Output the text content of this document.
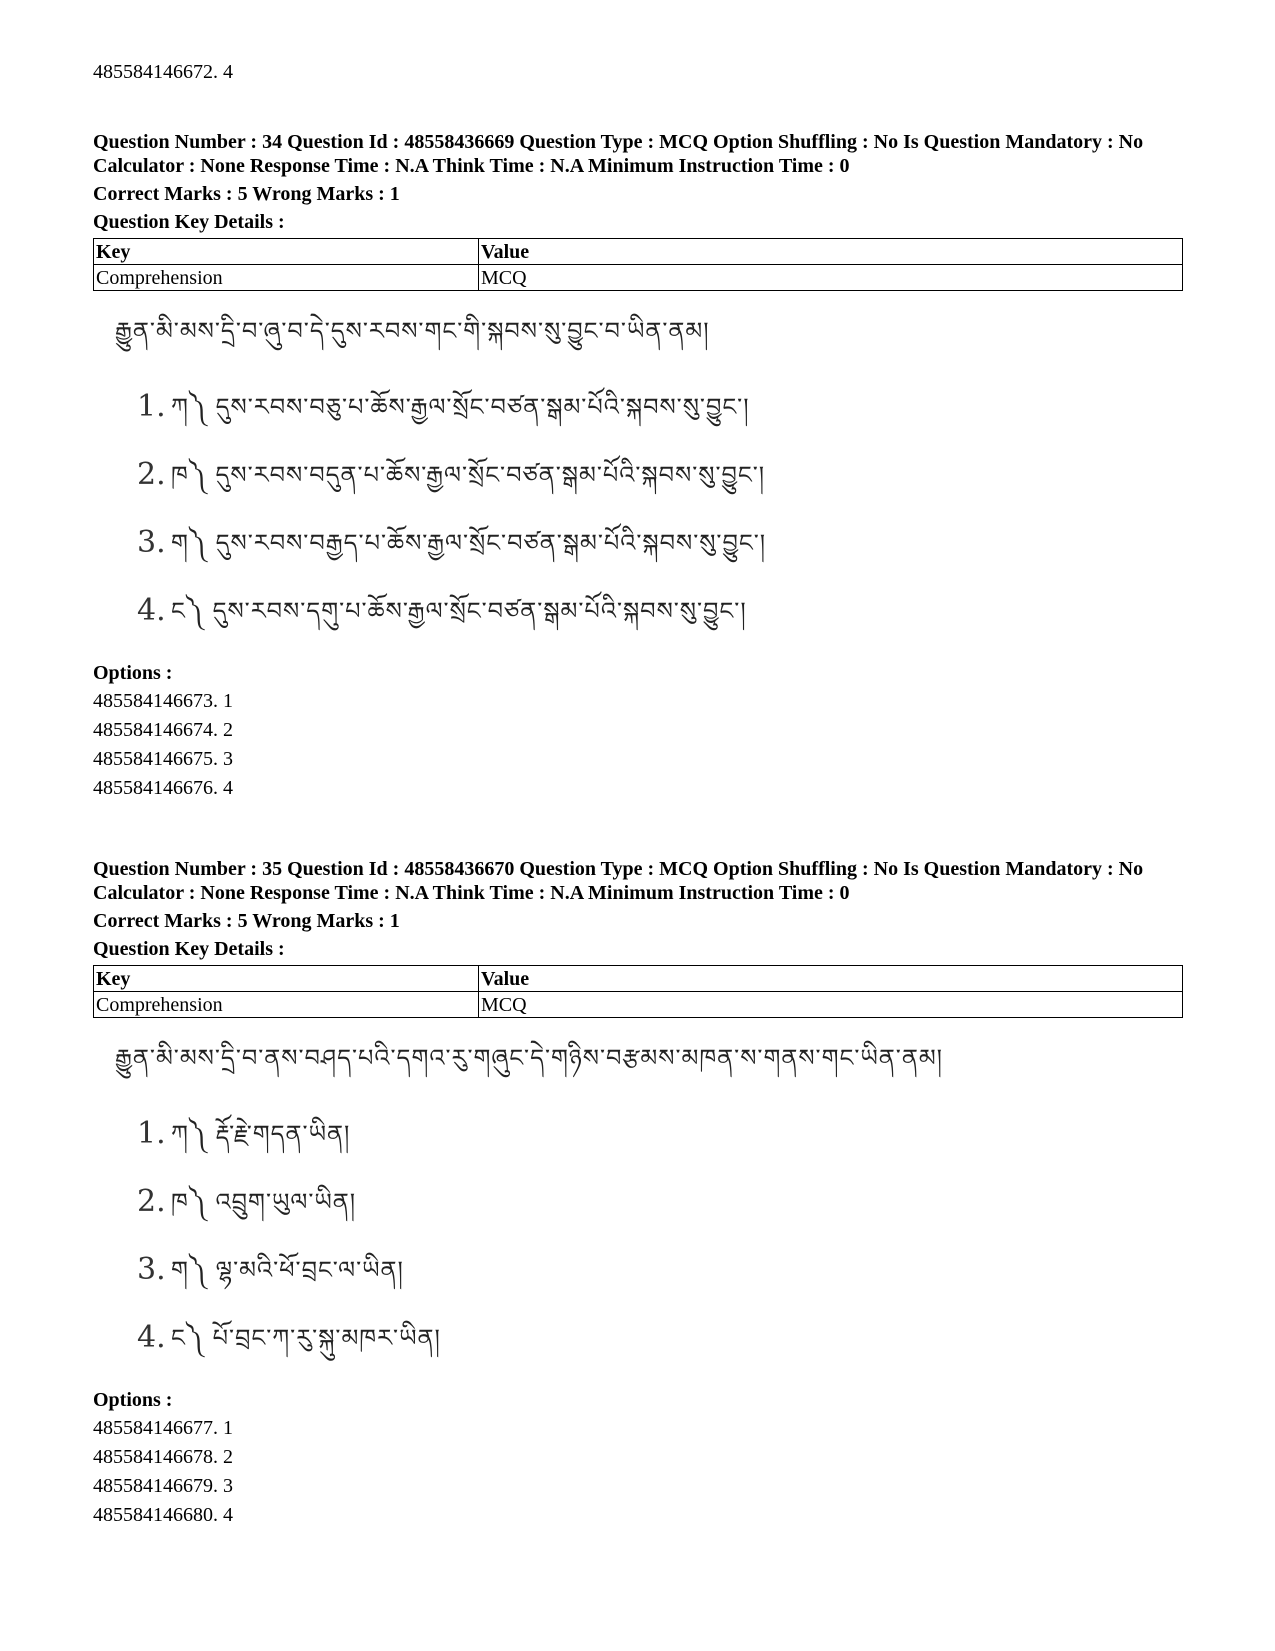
485584146672. 4

Question Number : 34 Question Id : 48558436669 Question Type : MCQ Option Shuffling : No Is Question Mandatory : No Calculator : None Response Time : N.A Think Time : N.A Minimum Instruction Time : 0

Correct Marks : 5 Wrong Marks : 1

Question Key Details :

Key	Value
Comprehension	MCQ

རྒྱུན་མི་མས་དྲི་བ་ཞུ་བ་དེ་དུས་རབས་གང་གི་སྐབས་སུ་བྱུང་བ་ཡིན་ནམ།

1. ཀ༽ དུས་རབས་བཅུ་པ་ཆོས་རྒྱལ་སྲོང་བཙན་སྒམ་པོའི་སྐབས་སུ་བྱུང་།
2. ཁ༽ དུས་རབས་བདུན་པ་ཆོས་རྒྱལ་སྲོང་བཙན་སྒམ་པོའི་སྐབས་སུ་བྱུང་།
3. ག༽ དུས་རབས་བརྒྱད་པ་ཆོས་རྒྱལ་སྲོང་བཙན་སྒམ་པོའི་སྐབས་སུ་བྱུང་།
4. ང༽ དུས་རབས་དགུ་པ་ཆོས་རྒྱལ་སྲོང་བཙན་སྒམ་པོའི་སྐབས་སུ་བྱུང་།

Options :

485584146673. 1

485584146674. 2

485584146675. 3

485584146676. 4

Question Number : 35 Question Id : 48558436670 Question Type : MCQ Option Shuffling : No Is Question Mandatory : No Calculator : None Response Time : N.A Think Time : N.A Minimum Instruction Time : 0

Correct Marks : 5 Wrong Marks : 1

Question Key Details :

Key	Value
Comprehension	MCQ

རྒྱུན་མི་མས་དྲི་བ་ནས་བཤད་པའི་དགའ་རུ་གཞུང་དེ་གཉིས་བརྩམས་མཁན་ས་གནས་གང་ཡིན་ནམ།

1. ཀ༽ རྡོ་རྗེ་གདན་ཡིན།
2. ཁ༽ འབྲུག་ཡུལ་ཡིན།
3. ག༽ ལྷ་མའི་ཕོ་བྲང་ལ་ཡིན།
4. ང༽ པོ་བྲང་ཀ་རུ་སྐུ་མཁར་ཡིན།

Options :

485584146677. 1

485584146678. 2

485584146679. 3

485584146680. 4
